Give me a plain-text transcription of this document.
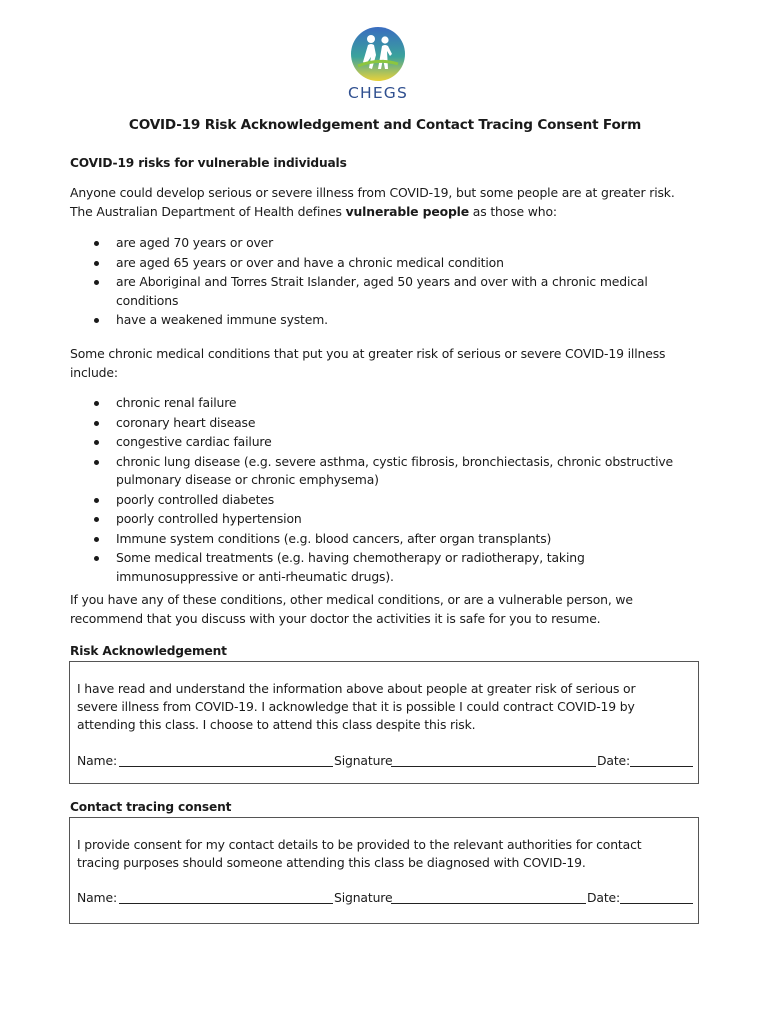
CHEGS
COVID-19 Risk Acknowledgement and Contact Tracing Consent Form
COVID-19 risks for vulnerable individuals
Anyone could develop serious or severe illness from COVID-19, but some people are at greater risk.
The Australian Department of Health defines vulnerable people as those who:
are aged 70 years or over
are aged 65 years or over and have a chronic medical condition
are Aboriginal and Torres Strait Islander, aged 50 years and over with a chronic medical conditions
have a weakened immune system.
Some chronic medical conditions that put you at greater risk of serious or severe COVID-19 illness include:
chronic renal failure
coronary heart disease
congestive cardiac failure
chronic lung disease (e.g. severe asthma, cystic fibrosis, bronchiectasis, chronic obstructive pulmonary disease or chronic emphysema)
poorly controlled diabetes
poorly controlled hypertension
Immune system conditions (e.g. blood cancers, after organ transplants)
Some medical treatments (e.g. having chemotherapy or radiotherapy, taking immunosuppressive or anti-rheumatic drugs).
If you have any of these conditions, other medical conditions, or are a vulnerable person, we recommend that you discuss with your doctor the activities it is safe for you to resume.
Risk Acknowledgement
I have read and understand the information above about people at greater risk of serious or severe illness from COVID-19. I acknowledge that it is possible I could contract COVID-19 by attending this class. I choose to attend this class despite this risk.
Name:	Signature	Date:
Contact tracing consent
I provide consent for my contact details to be provided to the relevant authorities for contact tracing purposes should someone attending this class be diagnosed with COVID-19.
Name:	Signature	Date:
